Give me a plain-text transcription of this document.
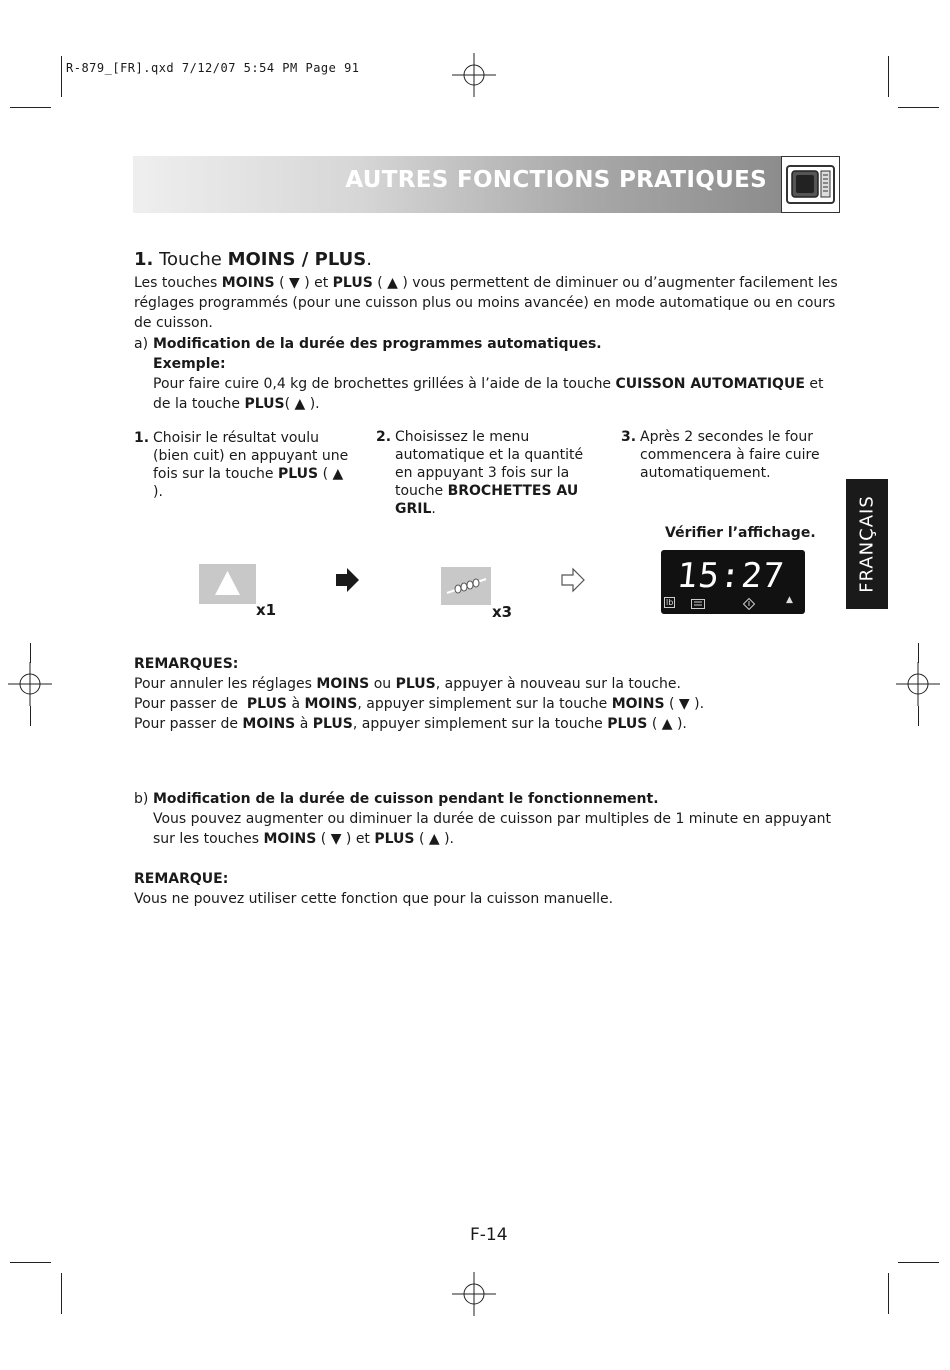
R-879_[FR].qxd 7/12/07 5:54 PM Page 91
AUTRES FONCTIONS PRATIQUES
1. Touche MOINS / PLUS.
Les touches MOINS ( ▼ ) et PLUS ( ▲ ) vous permettent de diminuer ou d’augmenter facilement les réglages programmés (pour une cuisson plus ou moins avancée) en mode automatique ou en cours de cuisson.
a) Modification de la durée des programmes automatiques.
Exemple:
Pour faire cuire 0,4 kg de brochettes grillées à l’aide de la touche CUISSON AUTOMATIQUE et de la touche PLUS( ▲ ).
1. Choisir le résultat voulu (bien cuit) en appuyant une fois sur la touche PLUS ( ▲ ).
2. Choisissez le menu automatique et la quantité en appuyant 3 fois sur la touche BROCHETTES AU GRIL.
3. Après 2 secondes le four commencera à faire cuire automatiquement.
FRANÇAIS
Vérifier l’affichage.
x1	x3
15:27
lb	▲
REMARQUES:
Pour annuler les réglages MOINS ou PLUS, appuyer à nouveau sur la touche.
Pour passer de  PLUS à MOINS, appuyer simplement sur la touche MOINS ( ▼ ).
Pour passer de MOINS à PLUS, appuyer simplement sur la touche PLUS ( ▲ ).
b) Modification de la durée de cuisson pendant le fonctionnement.
Vous pouvez augmenter ou diminuer la durée de cuisson par multiples de 1 minute en appuyant sur les touches MOINS ( ▼ ) et PLUS ( ▲ ).
REMARQUE:
Vous ne pouvez utiliser cette fonction que pour la cuisson manuelle.
F-14
